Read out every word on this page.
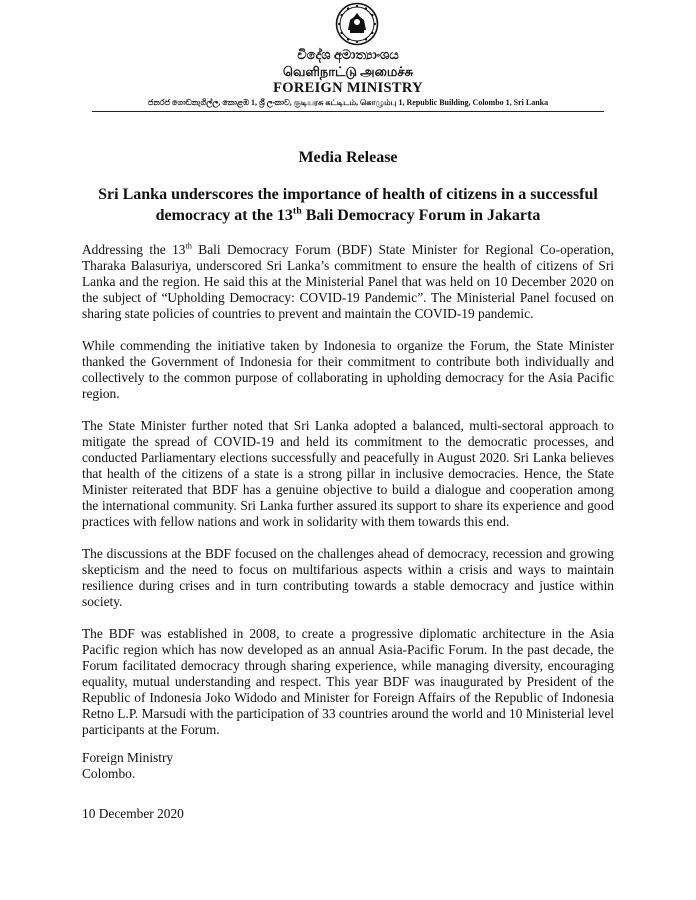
විදේශ අමාත්‍යාංශය
வெளிநாட்டு அமைச்சு
FOREIGN MINISTRY
ජනරජ ගොඩනැගිල්ල, කොළඹ 1, ශ්‍රී ලංකාව, குடியரசு கட்டிடம், கொழும்பு 1, Republic Building, Colombo 1, Sri Lanka
Media Release
Sri Lanka underscores the importance of health of citizens in a successful democracy at the 13th Bali Democracy Forum in Jakarta

Addressing the 13th Bali Democracy Forum (BDF) State Minister for Regional Co-operation, Tharaka Balasuriya, underscored Sri Lanka’s commitment to ensure the health of citizens of Sri Lanka and the region. He said this at the Ministerial Panel that was held on 10 December 2020 on the subject of “Upholding Democracy: COVID-19 Pandemic”. The Ministerial Panel focused on sharing state policies of countries to prevent and maintain the COVID-19 pandemic.

While commending the initiative taken by Indonesia to organize the Forum, the State Minister thanked the Government of Indonesia for their commitment to contribute both individually and collectively to the common purpose of collaborating in upholding democracy for the Asia Pacific region.

The State Minister further noted that Sri Lanka adopted a balanced, multi-sectoral approach to mitigate the spread of COVID-19 and held its commitment to the democratic processes, and conducted Parliamentary elections successfully and peacefully in August 2020. Sri Lanka believes that health of the citizens of a state is a strong pillar in inclusive democracies. Hence, the State Minister reiterated that BDF has a genuine objective to build a dialogue and cooperation among the international community. Sri Lanka further assured its support to share its experience and good practices with fellow nations and work in solidarity with them towards this end.

The discussions at the BDF focused on the challenges ahead of democracy, recession and growing skepticism and the need to focus on multifarious aspects within a crisis and ways to maintain resilience during crises and in turn contributing towards a stable democracy and justice within society.

The BDF was established in 2008, to create a progressive diplomatic architecture in the Asia Pacific region which has now developed as an annual Asia-Pacific Forum. In the past decade, the Forum facilitated democracy through sharing experience, while managing diversity, encouraging equality, mutual understanding and respect. This year BDF was inaugurated by President of the Republic of Indonesia Joko Widodo and Minister for Foreign Affairs of the Republic of Indonesia Retno L.P. Marsudi with the participation of 33 countries around the world and 10 Ministerial level participants at the Forum.

Foreign Ministry
Colombo.
10 December 2020
